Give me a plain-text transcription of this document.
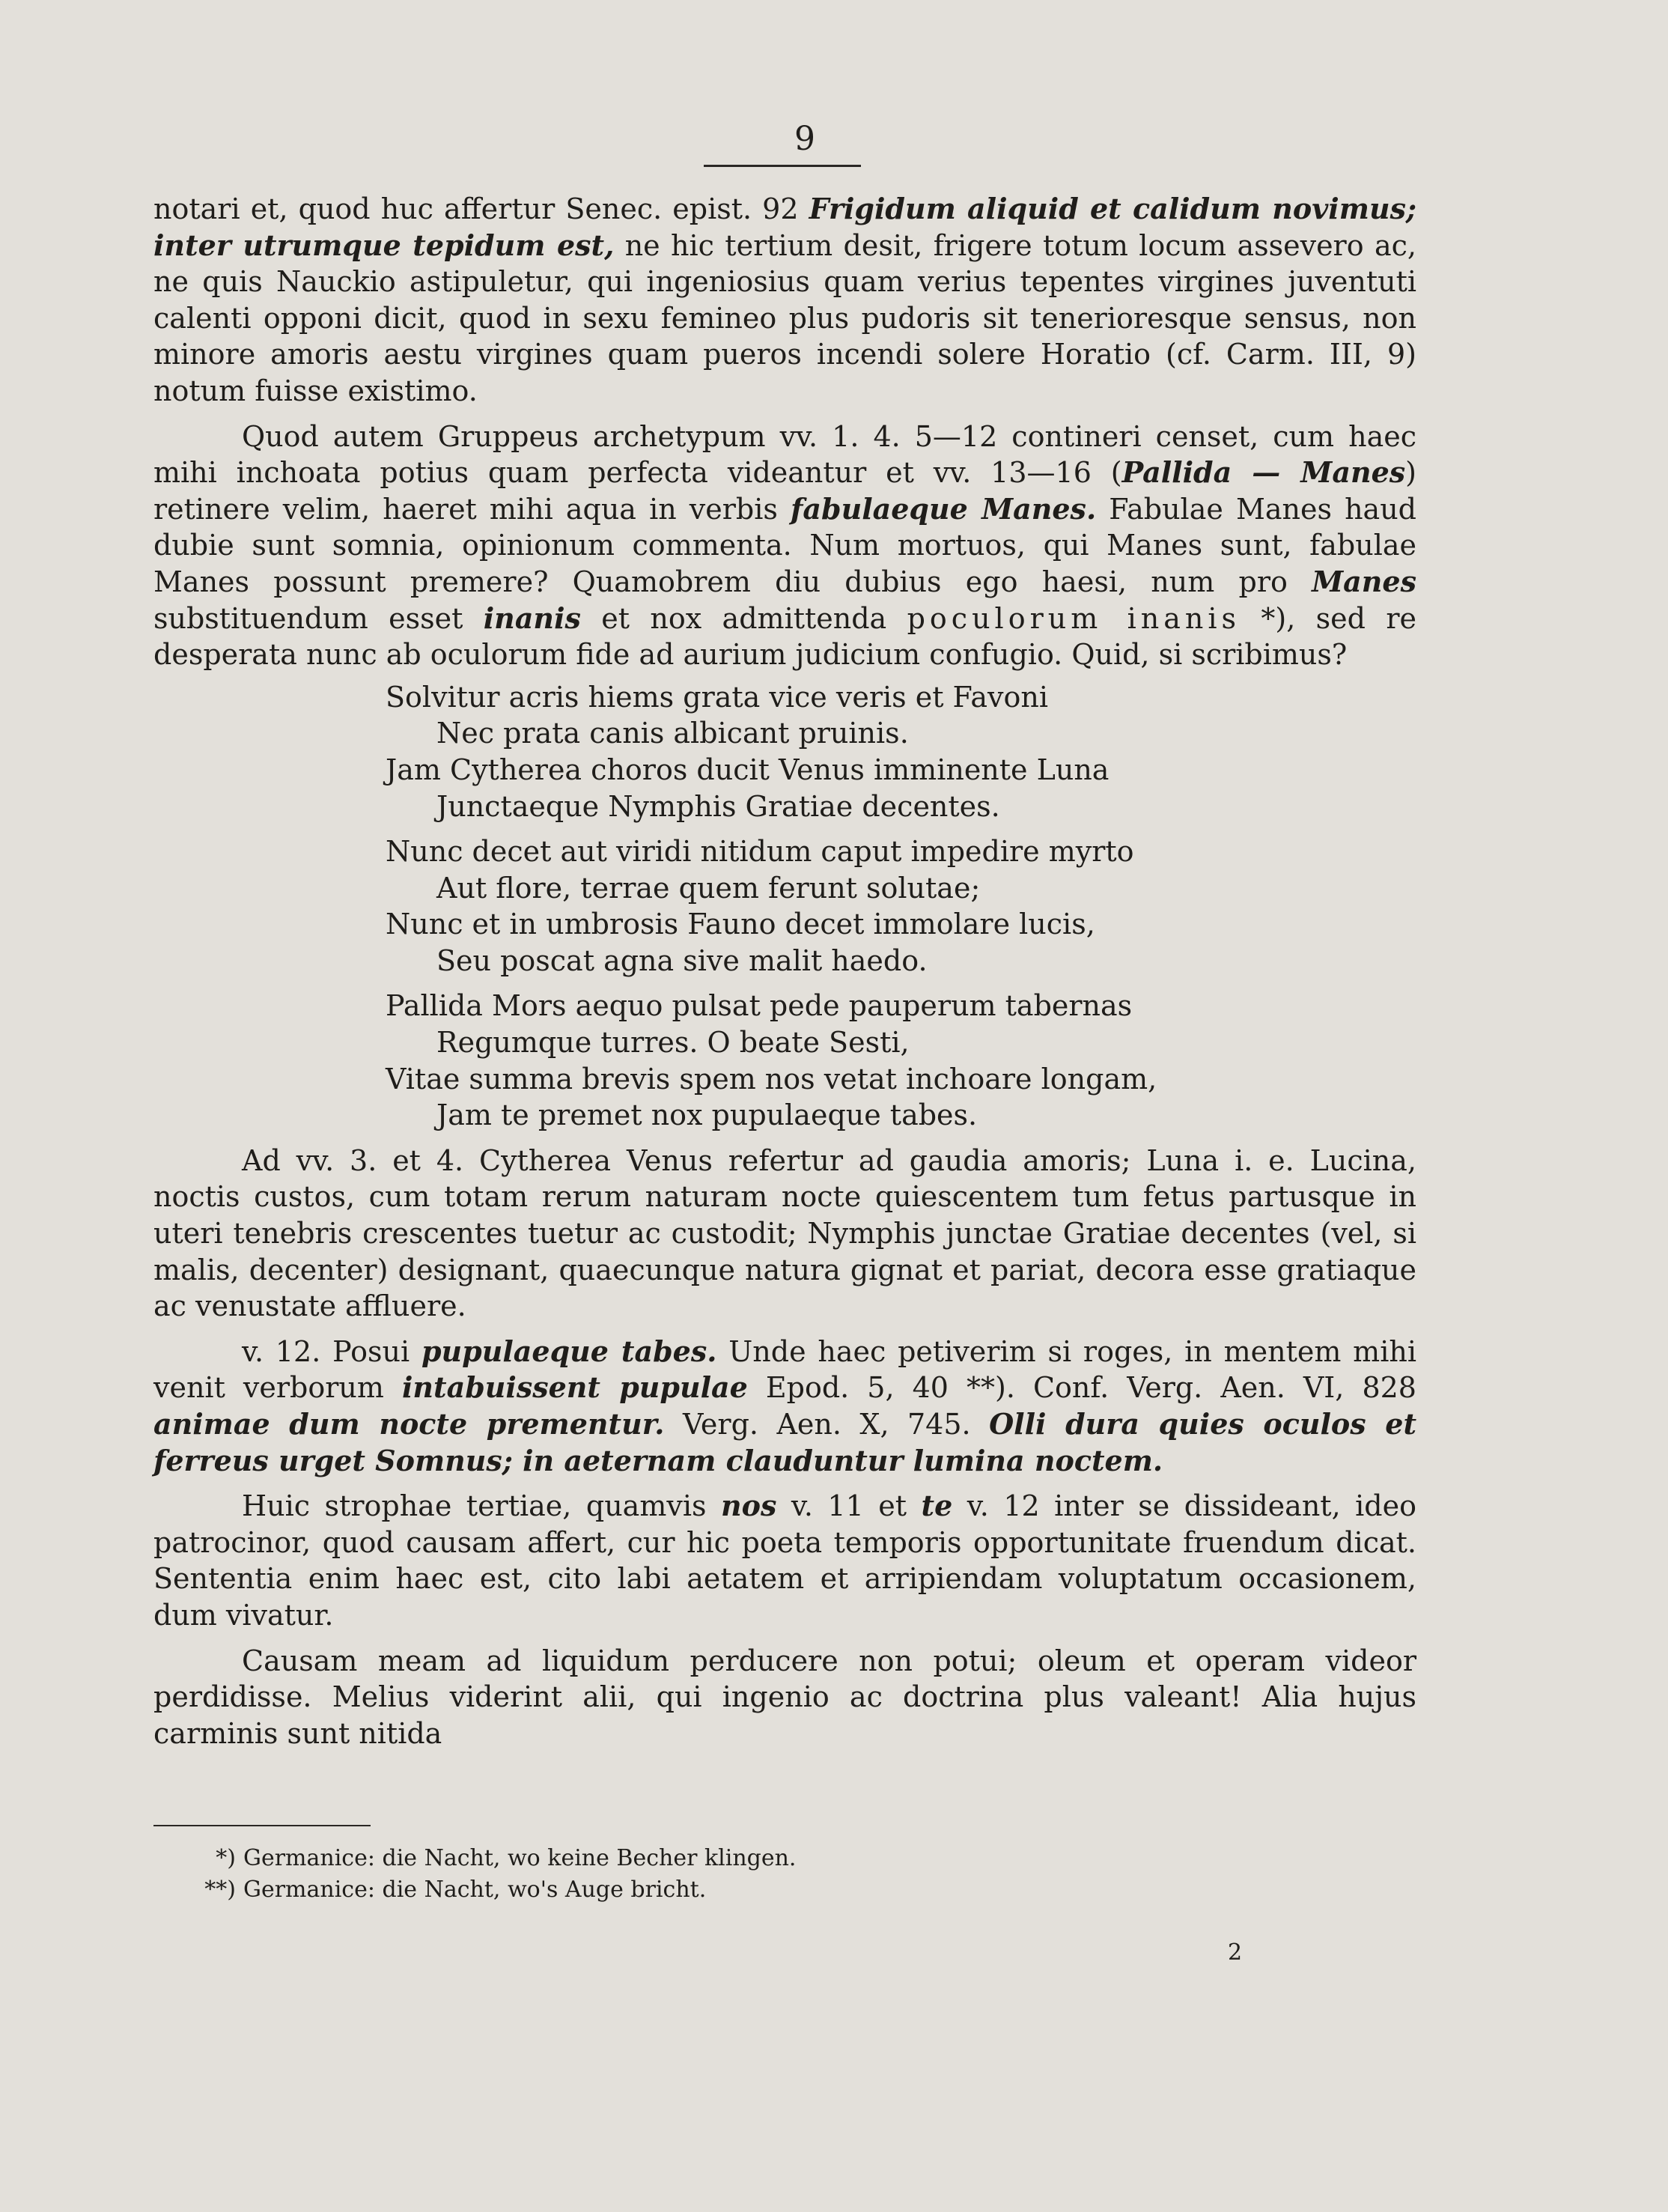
9

notari et, quod huc affertur Senec. epist. 92 Frigidum aliquid et calidum novimus; inter utrumque tepidum est, ne hic tertium desit, frigere totum locum assevero ac, ne quis Nauckio astipuletur, qui ingeniosius quam verius tepentes virgines juventuti calenti opponi dicit, quod in sexu femineo plus pudoris sit tenerioresque sensus, non minore amoris aestu virgines quam pueros incendi solere Horatio (cf. Carm. III, 9) notum fuisse existimo.

Quod autem Gruppeus archetypum vv. 1. 4. 5—12 contineri censet, cum haec mihi inchoata potius quam perfecta videantur et vv. 13—16 (Pallida — Manes) retinere velim, haeret mihi aqua in verbis fabulaeque Manes. Fabulae Manes haud dubie sunt somnia, opinionum commenta. Num mortuos, qui Manes sunt, fabulae Manes possunt premere? Quamobrem diu dubius ego haesi, num pro Manes substituendum esset inanis et nox admittenda poculorum inanis *), sed re desperata nunc ab oculorum fide ad aurium judicium confugio. Quid, si scribimus?

Solvitur acris hiems grata vice veris et Favoni
Nec prata canis albicant pruinis.
Jam Cytherea choros ducit Venus imminente Luna
Junctaeque Nymphis Gratiae decentes.
Nunc decet aut viridi nitidum caput impedire myrto
Aut flore, terrae quem ferunt solutae;
Nunc et in umbrosis Fauno decet immolare lucis,
Seu poscat agna sive malit haedo.
Pallida Mors aequo pulsat pede pauperum tabernas
Regumque turres. O beate Sesti,
Vitae summa brevis spem nos vetat inchoare longam,
Jam te premet nox pupulaeque tabes.

Ad vv. 3. et 4. Cytherea Venus refertur ad gaudia amoris; Luna i. e. Lucina, noctis custos, cum totam rerum naturam nocte quiescentem tum fetus partusque in uteri tenebris crescentes tuetur ac custodit; Nymphis junctae Gratiae decentes (vel, si malis, decenter) designant, quaecunque natura gignat et pariat, decora esse gratiaque ac venustate affluere.

v. 12. Posui pupulaeque tabes. Unde haec petiverim si roges, in mentem mihi venit verborum intabuissent pupulae Epod. 5, 40 **). Conf. Verg. Aen. VI, 828 animae dum nocte prementur. Verg. Aen. X, 745. Olli dura quies oculos et ferreus urget Somnus; in aeternam clauduntur lumina noctem.

Huic strophae tertiae, quamvis nos v. 11 et te v. 12 inter se dissideant, ideo patrocinor, quod causam affert, cur hic poeta temporis opportunitate fruendum dicat. Sententia enim haec est, cito labi aetatem et arripiendam voluptatum occasionem, dum vivatur.

Causam meam ad liquidum perducere non potui; oleum et operam videor perdidisse. Melius viderint alii, qui ingenio ac doctrina plus valeant! Alia hujus carminis sunt nitida

*) Germanice: die Nacht, wo keine Becher klingen.
**) Germanice: die Nacht, wo's Auge bricht.
2
